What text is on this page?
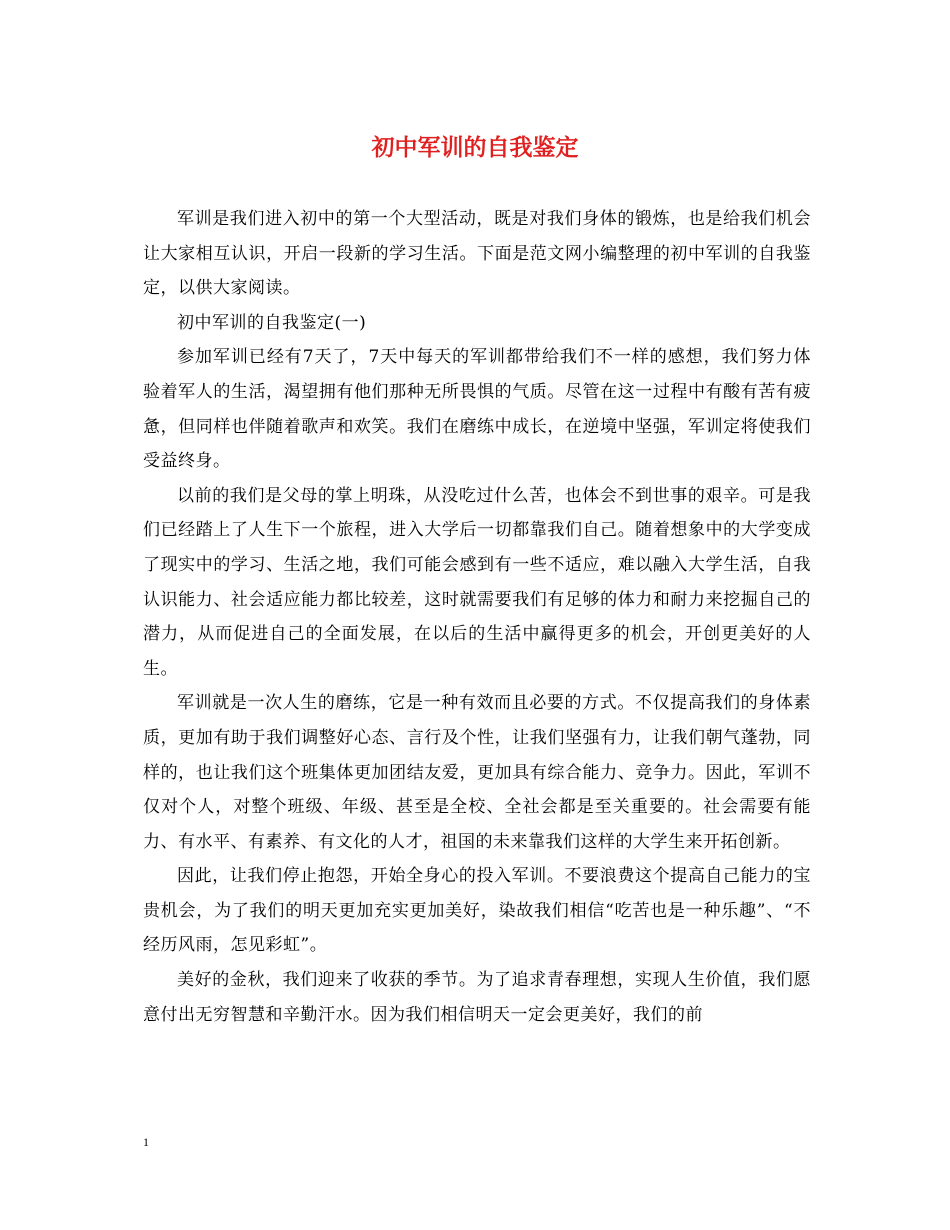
初中军训的自我鉴定

军训是我们进入初中的第一个大型活动，既是对我们身体的锻炼，也是给我们机会让大家相互认识，开启一段新的学习生活。下面是范文网小编整理的初中军训的自我鉴定，以供大家阅读。

初中军训的自我鉴定(一)

参加军训已经有7天了，7天中每天的军训都带给我们不一样的感想，我们努力体验着军人的生活，渴望拥有他们那种无所畏惧的气质。尽管在这一过程中有酸有苦有疲惫，但同样也伴随着歌声和欢笑。我们在磨练中成长，在逆境中坚强，军训定将使我们受益终身。

以前的我们是父母的掌上明珠，从没吃过什么苦，也体会不到世事的艰辛。可是我们已经踏上了人生下一个旅程，进入大学后一切都靠我们自己。随着想象中的大学变成了现实中的学习、生活之地，我们可能会感到有一些不适应，难以融入大学生活，自我认识能力、社会适应能力都比较差，这时就需要我们有足够的体力和耐力来挖掘自己的潜力，从而促进自己的全面发展，在以后的生活中赢得更多的机会，开创更美好的人生。

军训就是一次人生的磨练，它是一种有效而且必要的方式。不仅提高我们的身体素质，更加有助于我们调整好心态、言行及个性，让我们坚强有力，让我们朝气蓬勃，同样的，也让我们这个班集体更加团结友爱，更加具有综合能力、竞争力。因此，军训不仅对个人，对整个班级、年级、甚至是全校、全社会都是至关重要的。社会需要有能力、有水平、有素养、有文化的人才，祖国的未来靠我们这样的大学生来开拓创新。

因此，让我们停止抱怨，开始全身心的投入军训。不要浪费这个提高自己能力的宝贵机会，为了我们的明天更加充实更加美好，染故我们相信“吃苦也是一种乐趣”、“不经历风雨，怎见彩虹”。

美好的金秋，我们迎来了收获的季节。为了追求青春理想，实现人生价值，我们愿意付出无穷智慧和辛勤汗水。因为我们相信明天一定会更美好，我们的前

1
